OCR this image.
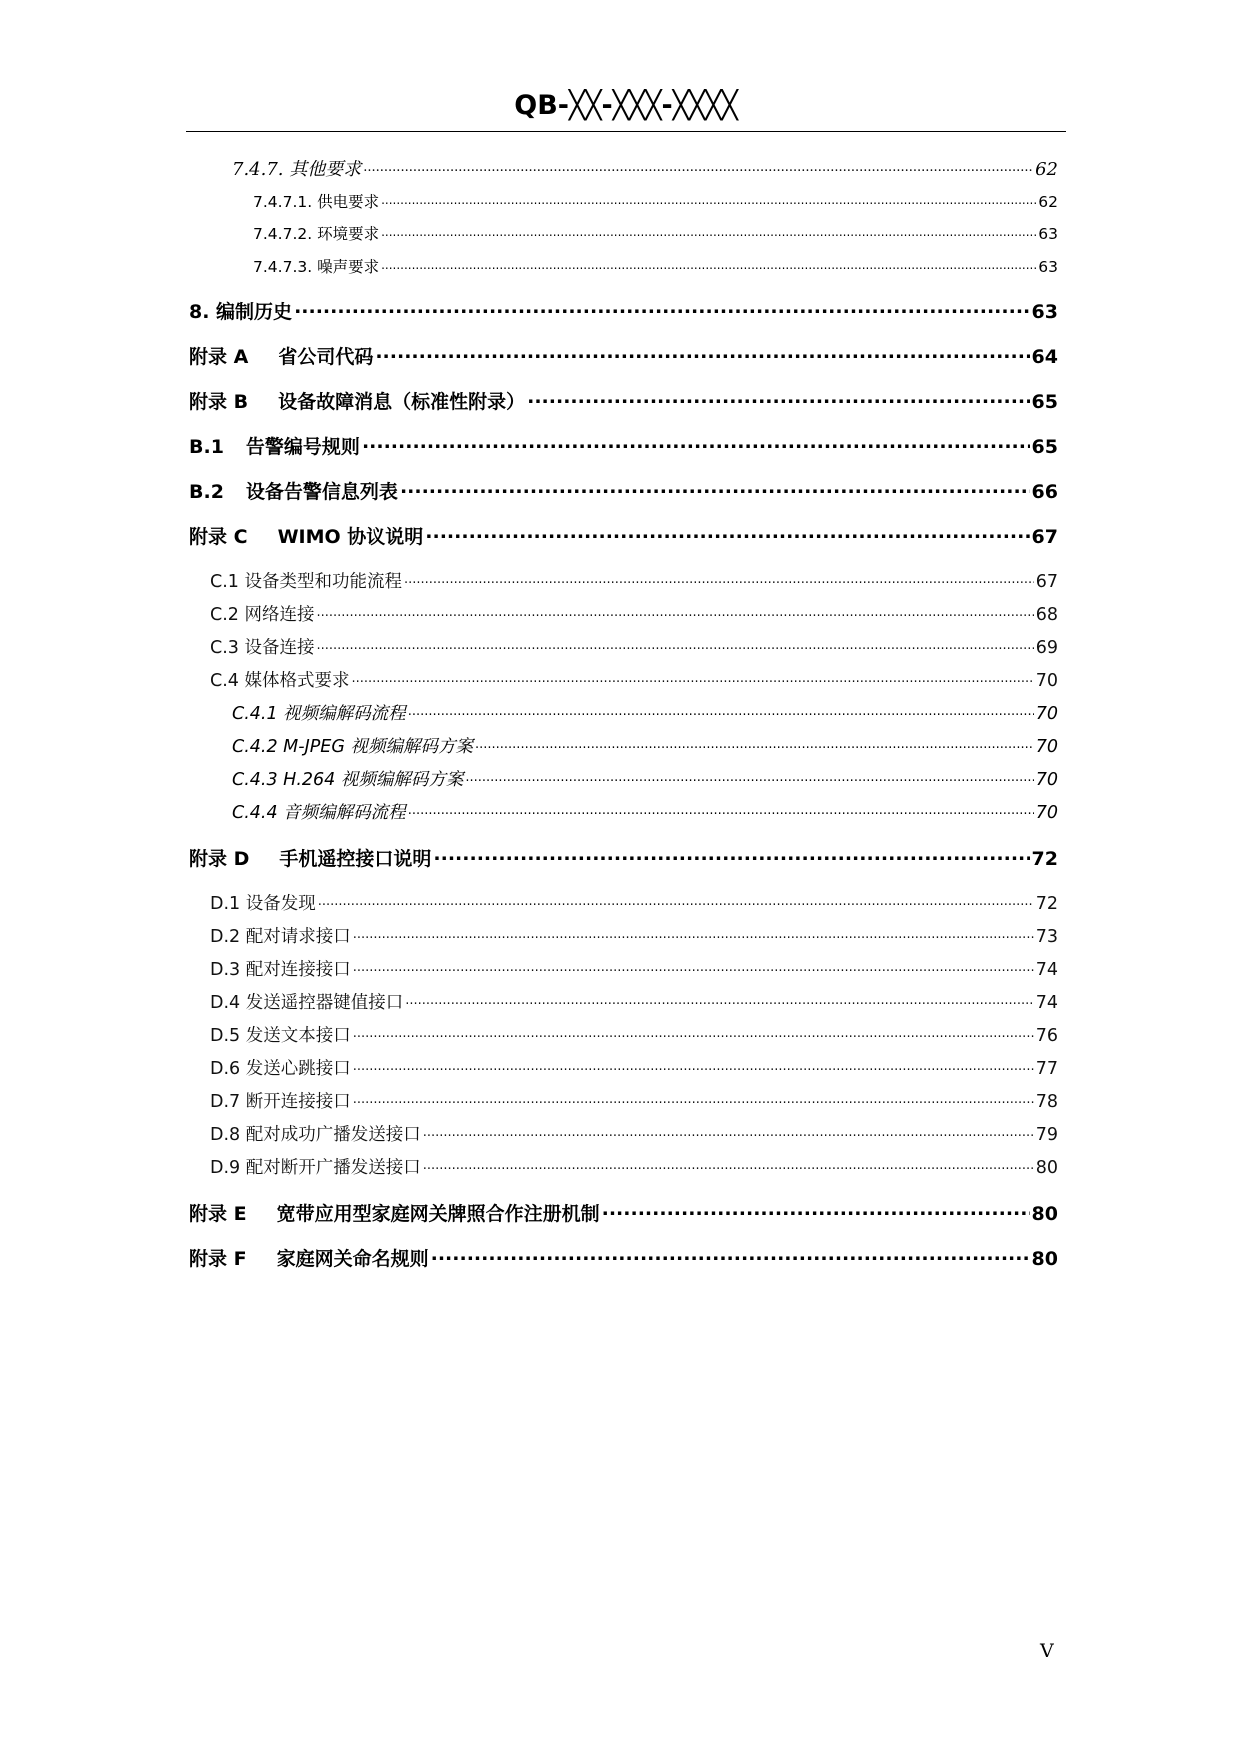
QB-╳╳-╳╳╳-╳╳╳╳
7.4.7. 其他要求 .....	62
7.4.7.1. 供电要求 .....	62
7.4.7.2. 环境要求 .....	63
7.4.7.3. 噪声要求 .....	63
8. 编制历史 .....	63
附录 A 省公司代码 .....	64
附录 B 设备故障消息（标准性附录） .....	65
B.1 告警编号规则 .....	65
B.2 设备告警信息列表 .....	66
附录 C WIMO 协议说明 .....	67
C.1 设备类型和功能流程 .....	67
C.2 网络连接 .....	68
C.3 设备连接 .....	69
C.4 媒体格式要求 .....	70
C.4.1 视频编解码流程 .....	70
C.4.2 M-JPEG 视频编解码方案 .....	70
C.4.3 H.264 视频编解码方案 .....	70
C.4.4 音频编解码流程 .....	70
附录 D 手机遥控接口说明 .....	72
D.1 设备发现 .....	72
D.2 配对请求接口 .....	73
D.3 配对连接接口 .....	74
D.4 发送遥控器键值接口 .....	74
D.5 发送文本接口 .....	76
D.6 发送心跳接口 .....	77
D.7 断开连接接口 .....	78
D.8 配对成功广播发送接口 .....	79
D.9 配对断开广播发送接口 .....	80
附录 E 宽带应用型家庭网关牌照合作注册机制 .....	80
附录 F 家庭网关命名规则 .....	80
V
